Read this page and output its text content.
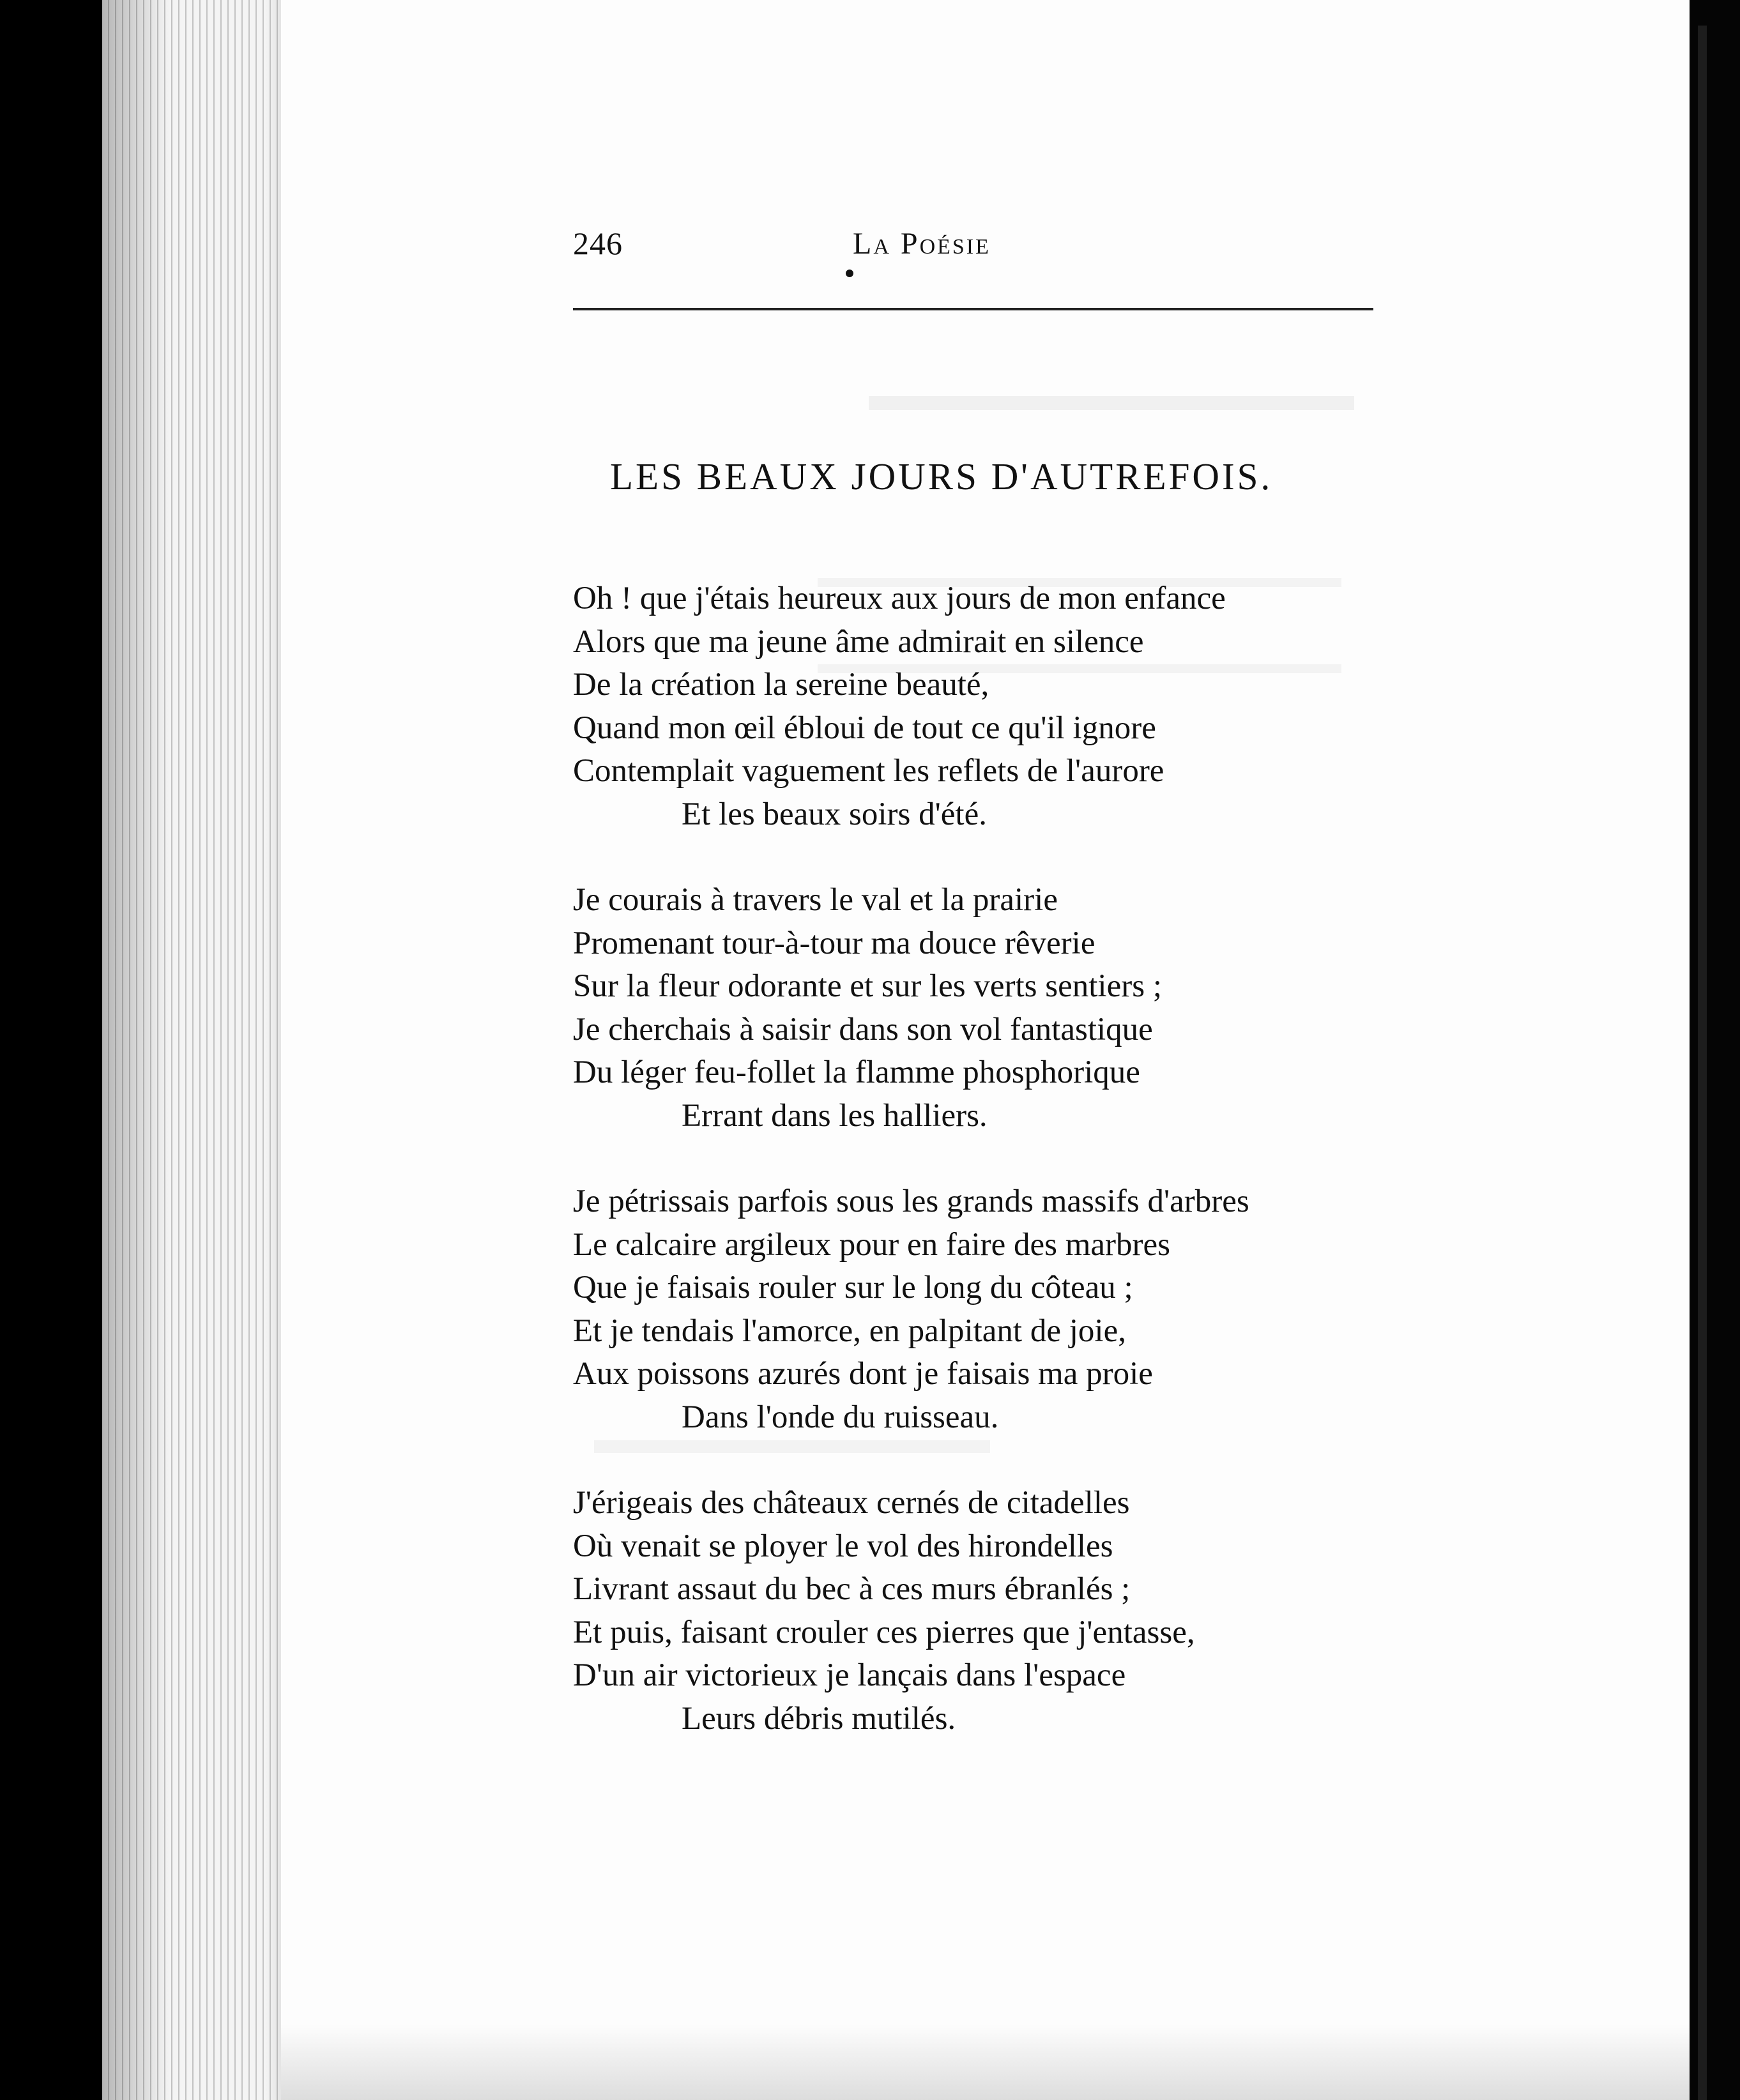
246	La Poésie
LES BEAUX JOURS D'AUTREFOIS.
Oh ! que j'étais heureux aux jours de mon enfance
Alors que ma jeune âme admirait en silence
De la création la sereine beauté,
Quand mon œil ébloui de tout ce qu'il ignore
Contemplait vaguement les reflets de l'aurore
Et les beaux soirs d'été.
Je courais à travers le val et la prairie
Promenant tour-à-tour ma douce rêverie
Sur la fleur odorante et sur les verts sentiers ;
Je cherchais à saisir dans son vol fantastique
Du léger feu-follet la flamme phosphorique
Errant dans les halliers.
Je pétrissais parfois sous les grands massifs d'arbres
Le calcaire argileux pour en faire des marbres
Que je faisais rouler sur le long du côteau ;
Et je tendais l'amorce, en palpitant de joie,
Aux poissons azurés dont je faisais ma proie
Dans l'onde du ruisseau.
J'érigeais des châteaux cernés de citadelles
Où venait se ployer le vol des hirondelles
Livrant assaut du bec à ces murs ébranlés ;
Et puis, faisant crouler ces pierres que j'entasse,
D'un air victorieux je lançais dans l'espace
Leurs débris mutilés.
